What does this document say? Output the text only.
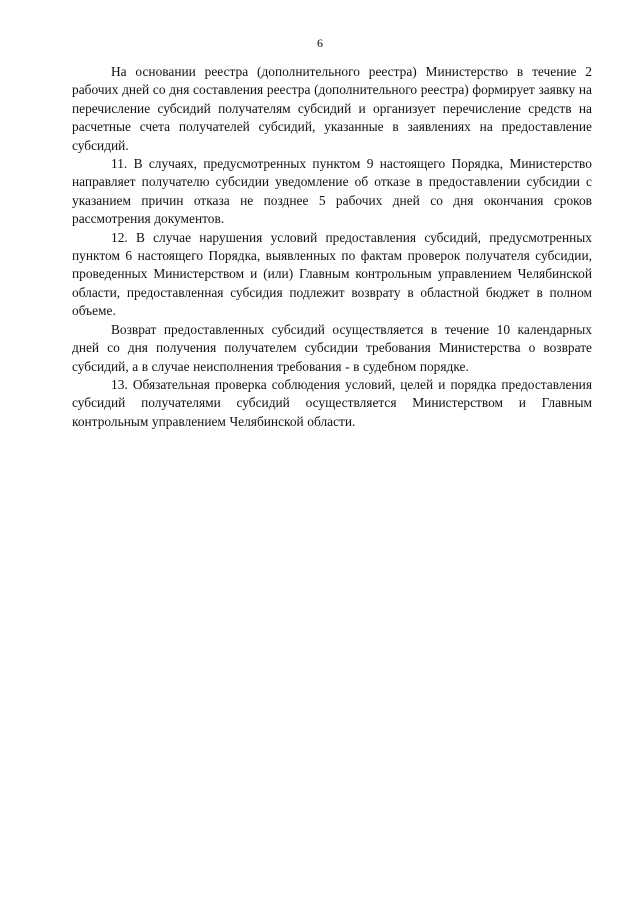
6

На основании реестра (дополнительного реестра) Министерство в течение 2 рабочих дней со дня составления реестра (дополнительного реестра) формирует заявку на перечисление субсидий получателям субсидий и организует перечисление средств на расчетные счета получателей субсидий, указанные в заявлениях на предоставление субсидий.

11. В случаях, предусмотренных пунктом 9 настоящего Порядка, Министерство направляет получателю субсидии уведомление об отказе в предоставлении субсидии с указанием причин отказа не позднее 5 рабочих дней со дня окончания сроков рассмотрения документов.

12. В случае нарушения условий предоставления субсидий, предусмотренных пунктом 6 настоящего Порядка, выявленных по фактам проверок получателя субсидии, проведенных Министерством и (или) Главным контрольным управлением Челябинской области, предоставленная субсидия подлежит возврату в областной бюджет в полном объеме.

Возврат предоставленных субсидий осуществляется в течение 10 календарных дней со дня получения получателем субсидии требования Министерства о возврате субсидий, а в случае неисполнения требования - в судебном порядке.

13. Обязательная проверка соблюдения условий, целей и порядка предоставления субсидий получателями субсидий осуществляется Министерством и Главным контрольным управлением Челябинской области.
